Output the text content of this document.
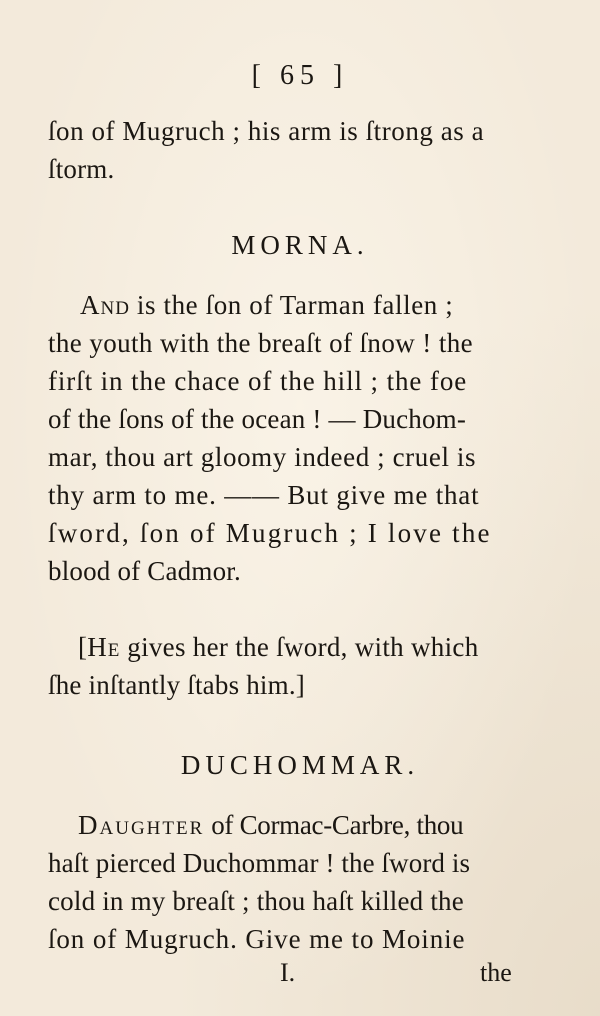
[ 65 ]
ſon of Mugruch ; his arm is ſtrong as a
ſtorm.
MORNA.
And is the ſon of Tarman fallen ;
the youth with the breaſt of ſnow ! the
firſt in the chace of the hill ; the foe
of the ſons of the ocean ! — Duchom-
mar, thou art gloomy indeed ; cruel is
thy arm to me. —— But give me that
ſword, ſon of Mugruch ; I love the
blood of Cadmor.
[He gives her the ſword, with which
ſhe inſtantly ſtabs him.]
DUCHOMMAR.
Daughter of Cormac-Carbre, thou
haſt pierced Duchommar ! the ſword is
cold in my breaſt ; thou haſt killed the
ſon of Mugruch. Give me to Moinie
I.	the
